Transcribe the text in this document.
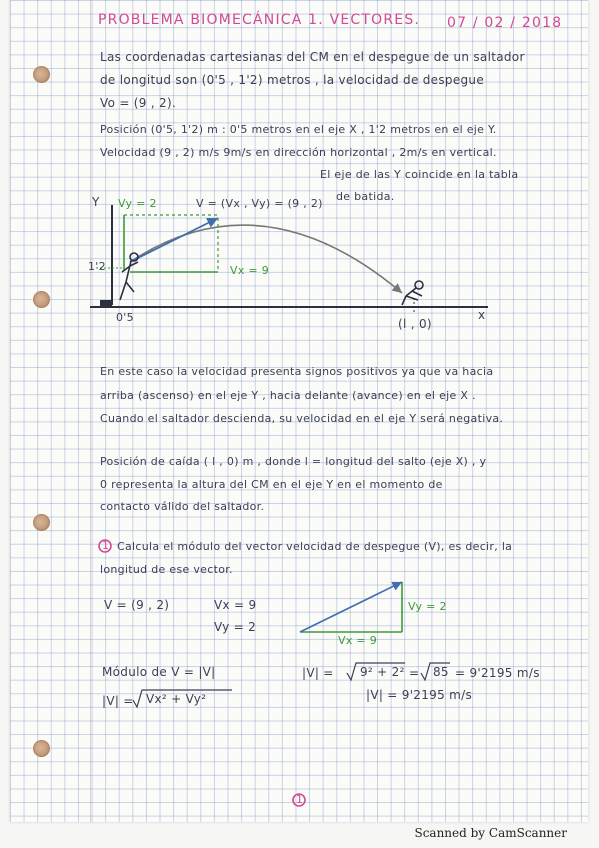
PROBLEMA BIOMECÁNICA 1. VECTORES. 07 / 02 / 2018
Las coordenadas cartesianas del CM en el despegue de un saltador
de longitud son (0'5 , 1'2) metros , la velocidad de despegue
Vo = (9 , 2).
Posición (0'5, 1'2) m : 0'5 metros en el eje X , 1'2 metros en el eje Y.
Velocidad (9 , 2) m/s 9m/s en dirección horizontal , 2m/s en vertical.
El eje de las Y coincide en la tabla
de batida.
Y Vy = 2	V = (Vx , Vy) = (9 , 2)
Vx = 9
1'2
0'5	(l , 0)
x
En este caso la velocidad presenta signos positivos ya que va hacia
arriba (ascenso) en el eje Y , hacia delante (avance) en el eje X .
Cuando el saltador descienda, su velocidad en el eje Y será negativa.
Posición de caída ( l , 0) m , donde l = longitud del salto (eje X) , y
0 representa la altura del CM en el eje Y en el momento de
contacto válido del saltador.
1 Calcula el módulo del vector velocidad de despegue (V), es decir, la
longitud de ese vector.
V = (9 , 2)	Vx = 9
Vy = 2
Vy = 2
Vx = 9
Módulo de V = |V|
|V| = Vx² + Vy²
|V| = 9² + 2² = 85 = 9'2195 m/s
|V| = 9'2195 m/s
1
Scanned by CamScanner
